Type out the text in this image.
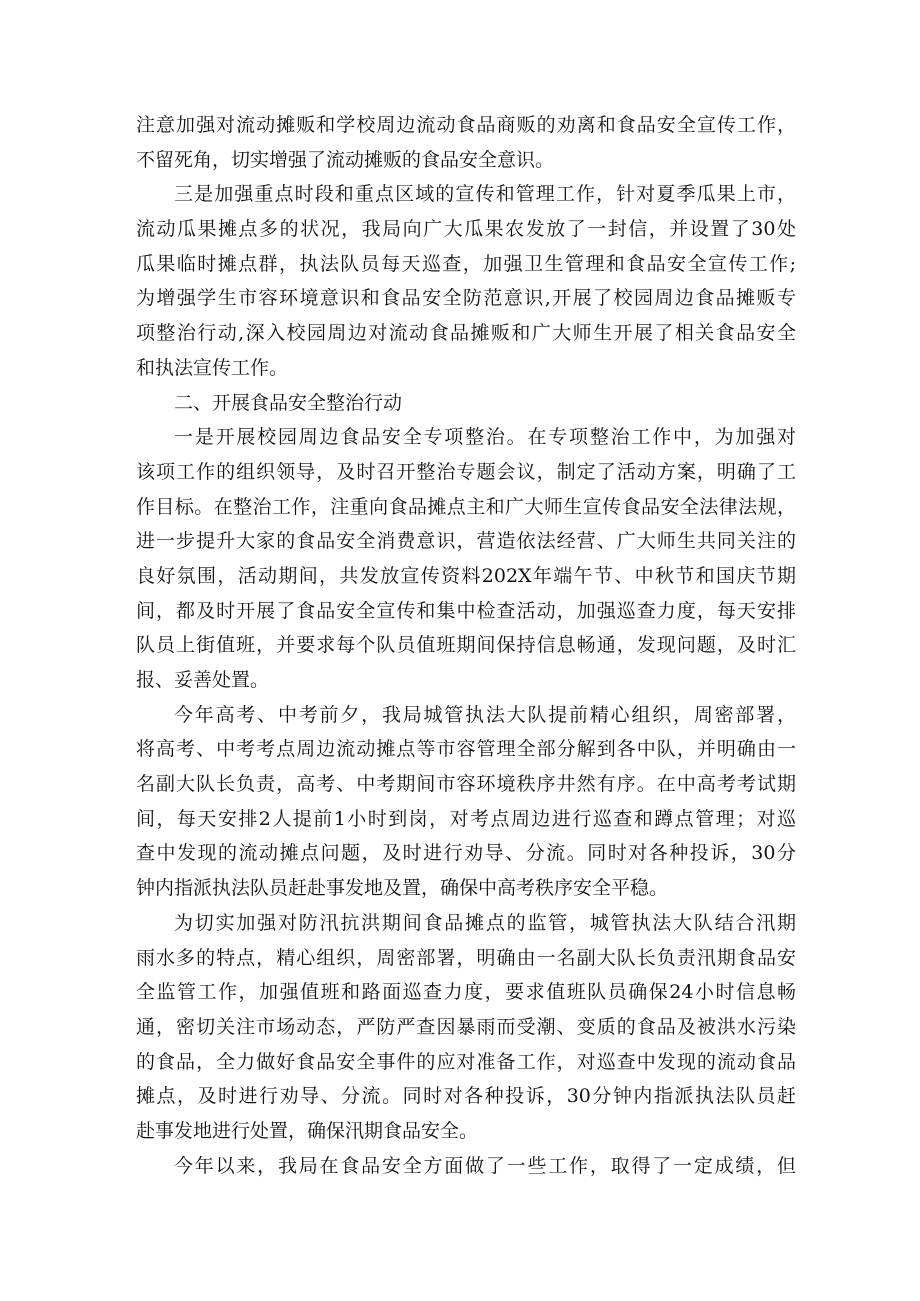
注意加强对流动摊贩和学校周边流动食品商贩的劝离和食品安全宣传工作，
不留死角，切实增强了流动摊贩的食品安全意识。
三是加强重点时段和重点区域的宣传和管理工作，针对夏季瓜果上市，
流动瓜果摊点多的状况，我局向广大瓜果农发放了一封信，并设置了30处
瓜果临时摊点群，执法队员每天巡查，加强卫生管理和食品安全宣传工作;
为增强学生市容环境意识和食品安全防范意识,开展了校园周边食品摊贩专
项整治行动,深入校园周边对流动食品摊贩和广大师生开展了相关食品安全
和执法宣传工作。
二、开展食品安全整治行动
一是开展校园周边食品安全专项整治。在专项整治工作中，为加强对
该项工作的组织领导，及时召开整治专题会议，制定了活动方案，明确了工
作目标。在整治工作，注重向食品摊点主和广大师生宣传食品安全法律法规，
进一步提升大家的食品安全消费意识，营造依法经营、广大师生共同关注的
良好氛围，活动期间，共发放宣传资料202X年端午节、中秋节和国庆节期
间，都及时开展了食品安全宣传和集中检查活动，加强巡查力度，每天安排
队员上街值班，并要求每个队员值班期间保持信息畅通，发现问题，及时汇
报、妥善处置。
今年高考、中考前夕，我局城管执法大队提前精心组织，周密部署，
将高考、中考考点周边流动摊点等市容管理全部分解到各中队，并明确由一
名副大队长负责，高考、中考期间市容环境秩序井然有序。在中高考考试期
间，每天安排2人提前1小时到岗，对考点周边进行巡查和蹲点管理；对巡
查中发现的流动摊点问题，及时进行劝导、分流。同时对各种投诉，30分
钟内指派执法队员赶赴事发地及置，确保中高考秩序安全平稳。
为切实加强对防汛抗洪期间食品摊点的监管，城管执法大队结合汛期
雨水多的特点，精心组织，周密部署，明确由一名副大队长负责汛期食品安
全监管工作，加强值班和路面巡查力度，要求值班队员确保24小时信息畅
通，密切关注市场动态，严防严查因暴雨而受潮、变质的食品及被洪水污染
的食品，全力做好食品安全事件的应对准备工作，对巡查中发现的流动食品
摊点，及时进行劝导、分流。同时对各种投诉，30分钟内指派执法队员赶
赴事发地进行处置，确保汛期食品安全。
今年以来，我局在食品安全方面做了一些工作，取得了一定成绩，但
